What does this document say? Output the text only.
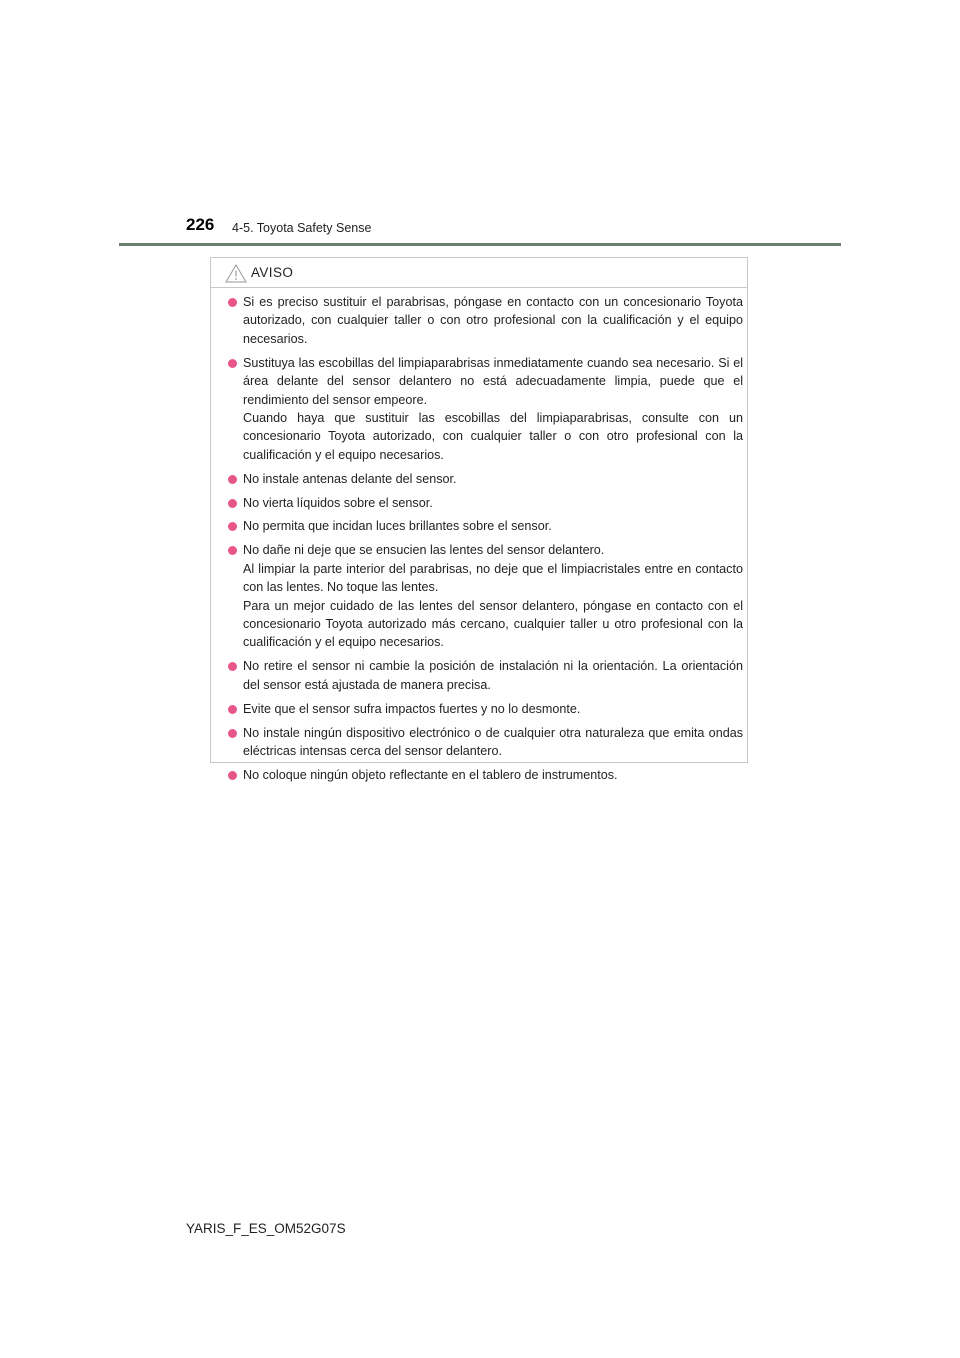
226 4-5. Toyota Safety Sense
AVISO
Si es preciso sustituir el parabrisas, póngase en contacto con un concesionario Toyota autorizado, con cualquier taller o con otro profesional con la cualificación y el equipo necesarios.
Sustituya las escobillas del limpiaparabrisas inmediatamente cuando sea necesario. Si el área delante del sensor delantero no está adecuadamente limpia, puede que el rendimiento del sensor empeore.
Cuando haya que sustituir las escobillas del limpiaparabrisas, consulte con un concesionario Toyota autorizado, con cualquier taller o con otro profesional con la cualificación y el equipo necesarios.
No instale antenas delante del sensor.
No vierta líquidos sobre el sensor.
No permita que incidan luces brillantes sobre el sensor.
No dañe ni deje que se ensucien las lentes del sensor delantero.
Al limpiar la parte interior del parabrisas, no deje que el limpiacristales entre en contacto con las lentes. No toque las lentes.
Para un mejor cuidado de las lentes del sensor delantero, póngase en contacto con el concesionario Toyota autorizado más cercano, cualquier taller u otro profesional con la cualificación y el equipo necesarios.
No retire el sensor ni cambie la posición de instalación ni la orientación. La orientación del sensor está ajustada de manera precisa.
Evite que el sensor sufra impactos fuertes y no lo desmonte.
No instale ningún dispositivo electrónico o de cualquier otra naturaleza que emita ondas eléctricas intensas cerca del sensor delantero.
No coloque ningún objeto reflectante en el tablero de instrumentos.
YARIS_F_ES_OM52G07S
